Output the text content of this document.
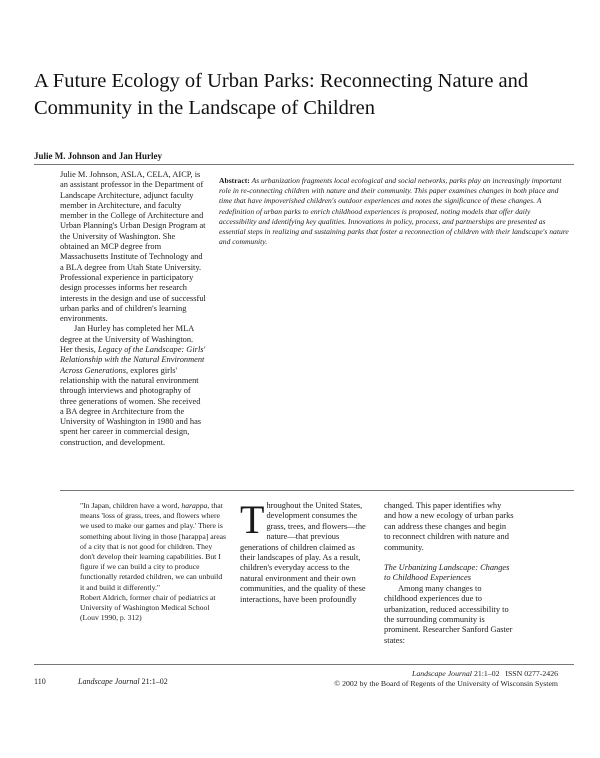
A Future Ecology of Urban Parks: Reconnecting Nature and Community in the Landscape of Children
Julie M. Johnson and Jan Hurley

Julie M. Johnson, ASLA, CELA, AICP, is an assistant professor in the Department of Landscape Architecture, adjunct faculty member in Architecture, and faculty member in the College of Architecture and Urban Planning's Urban Design Program at the University of Washington. She obtained an MCP degree from Massachusetts Institute of Technology and a BLA degree from Utah State University. Professional experience in participatory design processes informs her research interests in the design and use of successful urban parks and of children's learning environments.

Jan Hurley has completed her MLA degree at the University of Washington. Her thesis, Legacy of the Landscape: Girls' Relationship with the Natural Environment Across Generations, explores girls' relationship with the natural environment through interviews and photography of three generations of women. She received a BA degree in Architecture from the University of Washington in 1980 and has spent her career in commercial design, construction, and development.

Abstract: As urbanization fragments local ecological and social networks, parks play an increasingly important role in re-connecting children with nature and their community. This paper examines changes in both place and time that have impoverished children's outdoor experiences and notes the significance of these changes. A redefinition of urban parks to enrich childhood experiences is proposed, noting models that offer daily accessibility and identifying key qualities. Innovations in policy, process, and partnerships are presented as essential steps in realizing and sustaining parks that foster a reconnection of children with their landscape's nature and community.

"In Japan, children have a word, harappa, that means 'loss of grass, trees, and flowers where we used to make our games and play.' There is something about living in those [harappa] areas of a city that is not good for children. They don't develop their learning capabilities. But I figure if we can build a city to produce functionally retarded children, we can unbuild it and build it differently."

Robert Aldrich, former chair of pediatrics at University of Washington Medical School (Louv 1990, p. 312)

Throughout the United States, development consumes the grass, trees, and flowers—the nature—that previous generations of children claimed as their landscapes of play. As a result, children's everyday access to the natural environment and their own communities, and the quality of these interactions, have been profoundly

changed. This paper identifies why and how a new ecology of urban parks can address these changes and begin to reconnect children with nature and community.

The Urbanizing Landscape: Changes to Childhood Experiences

Among many changes to childhood experiences due to urbanization, reduced accessibility to the surrounding community is prominent. Researcher Sanford Gaster states:

110	Landscape Journal 21:1–02
Landscape Journal 21:1–02 ISSN 0277-2426
© 2002 by the Board of Regents of the University of Wisconsin System
